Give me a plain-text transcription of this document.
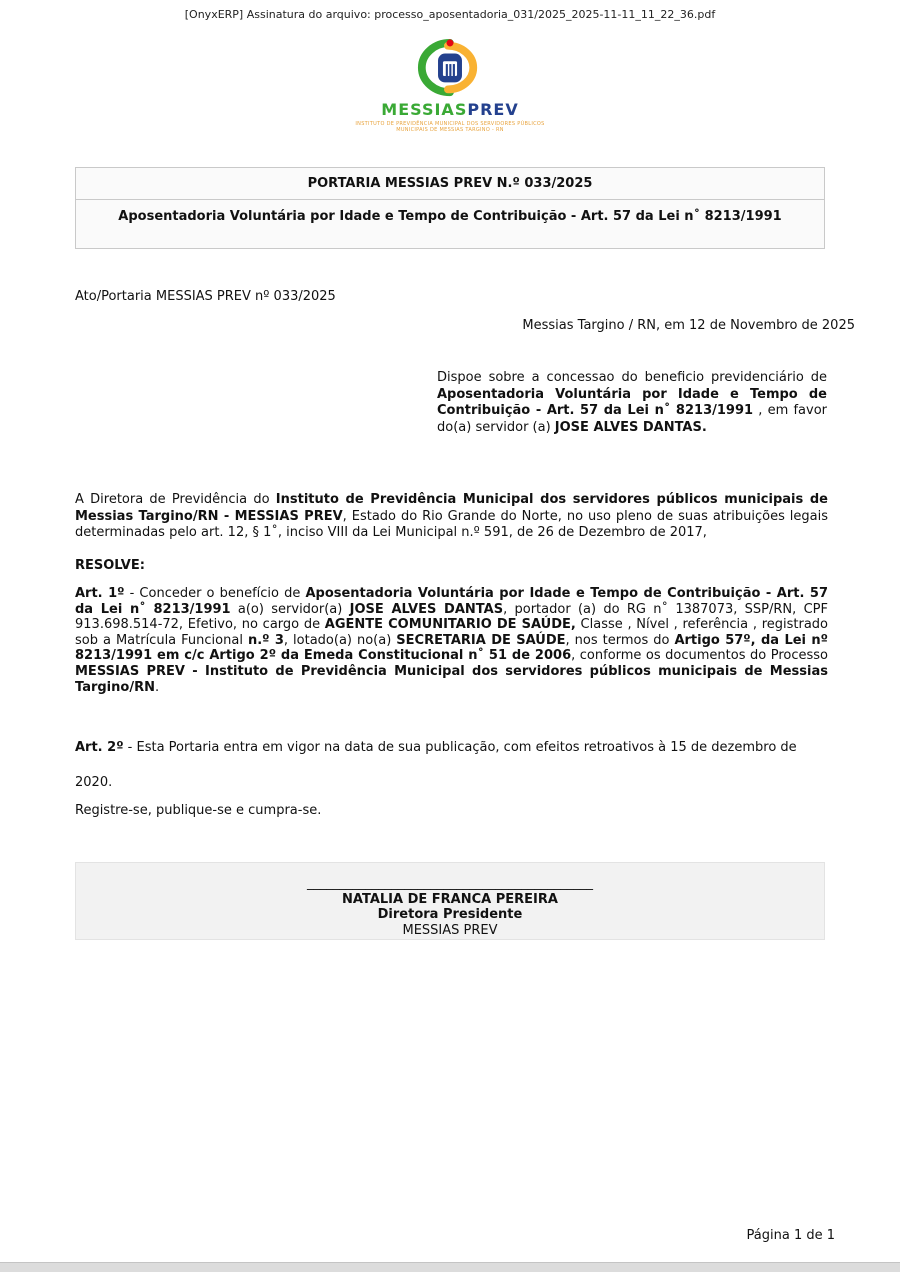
[OnyxERP] Assinatura do arquivo: processo_aposentadoria_031/2025_2025-11-11_11_22_36.pdf
MESSIASPREV
INSTITUTO DE PREVIDÊNCIA MUNICIPAL DOS SERVIDORES PÚBLICOS
MUNICIPAIS DE MESSIAS TARGINO - RN
PORTARIA MESSIAS PREV N.º 033/2025
Aposentadoria Voluntária por Idade e Tempo de Contribuição - Art. 57 da Lei n˚ 8213/1991
Ato/Portaria MESSIAS PREV nº 033/2025
Messias Targino / RN, em 12 de Novembro de 2025
Dispoe sobre a concessao do beneficio previdenciário de Aposentadoria Voluntária por Idade e Tempo de Contribuição - Art. 57 da Lei n˚ 8213/1991 , em favor do(a) servidor (a) JOSE ALVES DANTAS.
A Diretora de Previdência do Instituto de Previdência Municipal dos servidores públicos municipais de Messias Targino/RN - MESSIAS PREV, Estado do Rio Grande do Norte, no uso pleno de suas atribuições legais determinadas pelo art. 12, § 1˚, inciso VIII da Lei Municipal n.º 591, de 26 de Dezembro de 2017,
RESOLVE:
Art. 1º - Conceder o benefício de Aposentadoria Voluntária por Idade e Tempo de Contribuição - Art. 57 da Lei n˚ 8213/1991 a(o) servidor(a) JOSE ALVES DANTAS, portador (a) do RG n˚ 1387073, SSP/RN, CPF 913.698.514-72, Efetivo, no cargo de AGENTE COMUNITARIO DE SAÚDE, Classe , Nível , referência , registrado sob a Matrícula Funcional n.º 3, lotado(a) no(a) SECRETARIA DE SAÚDE, nos termos do Artigo 57º, da Lei nº 8213/1991 em c/c Artigo 2º da Emeda Constitucional n˚ 51 de 2006, conforme os documentos do Processo MESSIAS PREV - Instituto de Previdência Municipal dos servidores públicos municipais de Messias Targino/RN.
Art. 2º - Esta Portaria entra em vigor na data de sua publicação, com efeitos retroativos à 15 de dezembro de
2020.
Registre-se, publique-se e cumpra-se.
____________________________________________
NATALIA DE FRANCA PEREIRA
Diretora Presidente
MESSIAS PREV
Página 1 de 1
